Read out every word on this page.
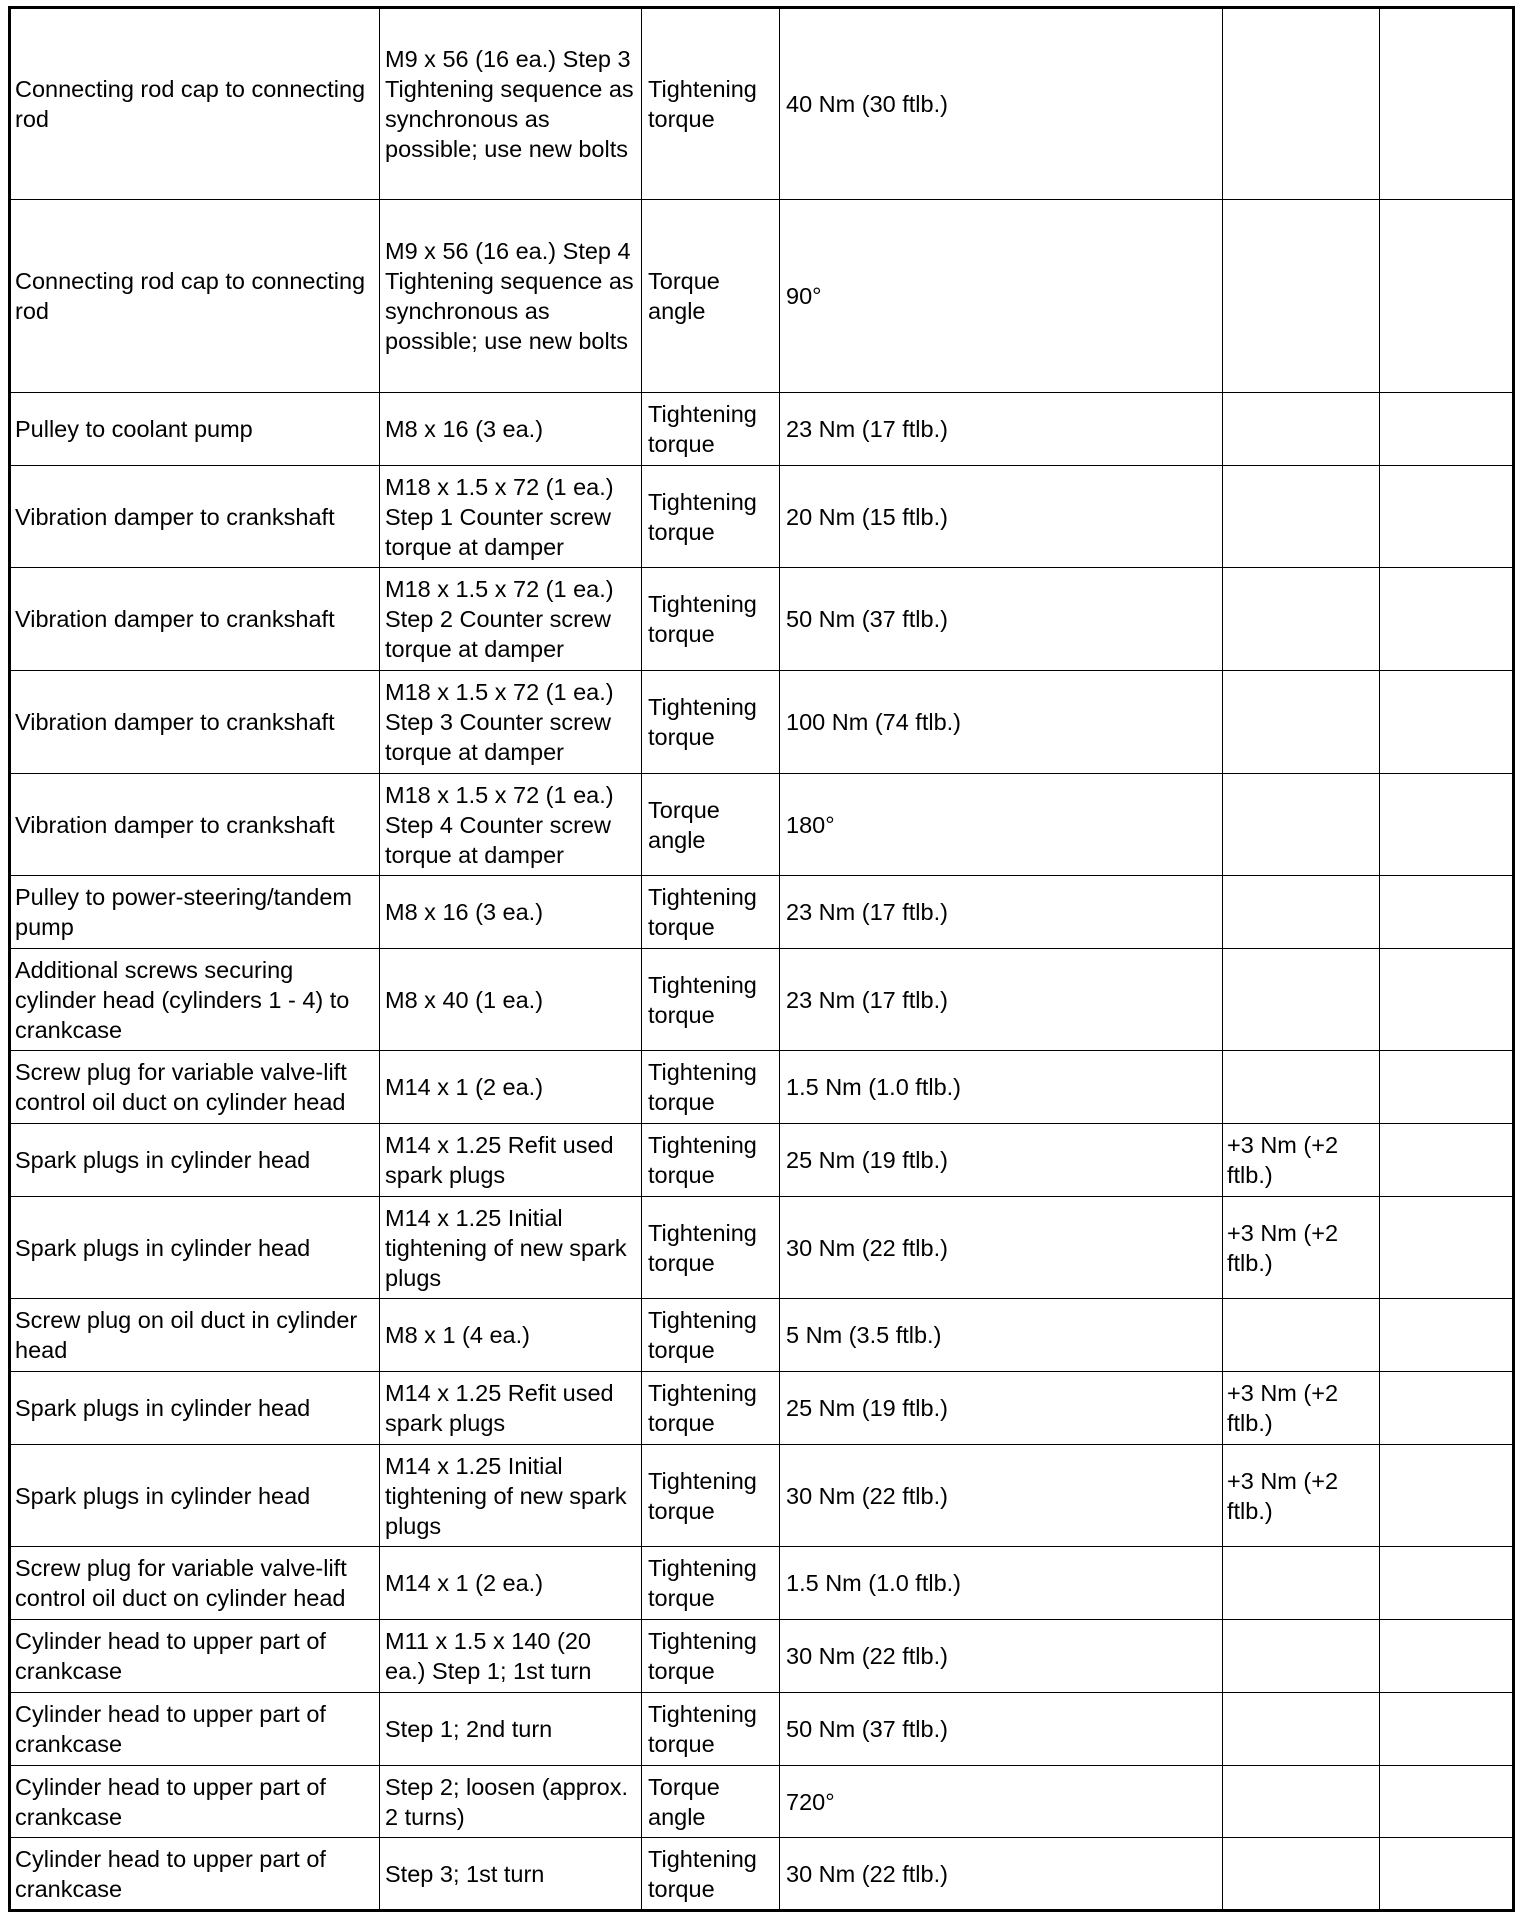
Connecting rod cap to connecting rod	M9 x 56 (16 ea.) Step 3 Tightening sequence as synchronous as possible; use new bolts	Tightening torque	40 Nm (30 ftlb.)		
Connecting rod cap to connecting rod	M9 x 56 (16 ea.) Step 4 Tightening sequence as synchronous as possible; use new bolts	Torque angle	90°		
Pulley to coolant pump	M8 x 16 (3 ea.)	Tightening torque	23 Nm (17 ftlb.)		
Vibration damper to crankshaft	M18 x 1.5 x 72 (1 ea.) Step 1 Counter screw torque at damper	Tightening torque	20 Nm (15 ftlb.)		
Vibration damper to crankshaft	M18 x 1.5 x 72 (1 ea.) Step 2 Counter screw torque at damper	Tightening torque	50 Nm (37 ftlb.)		
Vibration damper to crankshaft	M18 x 1.5 x 72 (1 ea.) Step 3 Counter screw torque at damper	Tightening torque	100 Nm (74 ftlb.)		
Vibration damper to crankshaft	M18 x 1.5 x 72 (1 ea.) Step 4 Counter screw torque at damper	Torque angle	180°		
Pulley to power-steering/tandem pump	M8 x 16 (3 ea.)	Tightening torque	23 Nm (17 ftlb.)		
Additional screws securing cylinder head (cylinders 1 - 4) to crankcase	M8 x 40 (1 ea.)	Tightening torque	23 Nm (17 ftlb.)		
Screw plug for variable valve-lift control oil duct on cylinder head	M14 x 1 (2 ea.)	Tightening torque	1.5 Nm (1.0 ftlb.)		
Spark plugs in cylinder head	M14 x 1.25 Refit used spark plugs	Tightening torque	25 Nm (19 ftlb.)	+3 Nm (+2 ftlb.)	
Spark plugs in cylinder head	M14 x 1.25 Initial tightening of new spark plugs	Tightening torque	30 Nm (22 ftlb.)	+3 Nm (+2 ftlb.)	
Screw plug on oil duct in cylinder head	M8 x 1 (4 ea.)	Tightening torque	5 Nm (3.5 ftlb.)		
Spark plugs in cylinder head	M14 x 1.25 Refit used spark plugs	Tightening torque	25 Nm (19 ftlb.)	+3 Nm (+2 ftlb.)	
Spark plugs in cylinder head	M14 x 1.25 Initial tightening of new spark plugs	Tightening torque	30 Nm (22 ftlb.)	+3 Nm (+2 ftlb.)	
Screw plug for variable valve-lift control oil duct on cylinder head	M14 x 1 (2 ea.)	Tightening torque	1.5 Nm (1.0 ftlb.)		
Cylinder head to upper part of crankcase	M11 x 1.5 x 140 (20 ea.) Step 1; 1st turn	Tightening torque	30 Nm (22 ftlb.)		
Cylinder head to upper part of crankcase	Step 1; 2nd turn	Tightening torque	50 Nm (37 ftlb.)		
Cylinder head to upper part of crankcase	Step 2; loosen (approx. 2 turns)	Torque angle	720°		
Cylinder head to upper part of crankcase	Step 3; 1st turn	Tightening torque	30 Nm (22 ftlb.)		
